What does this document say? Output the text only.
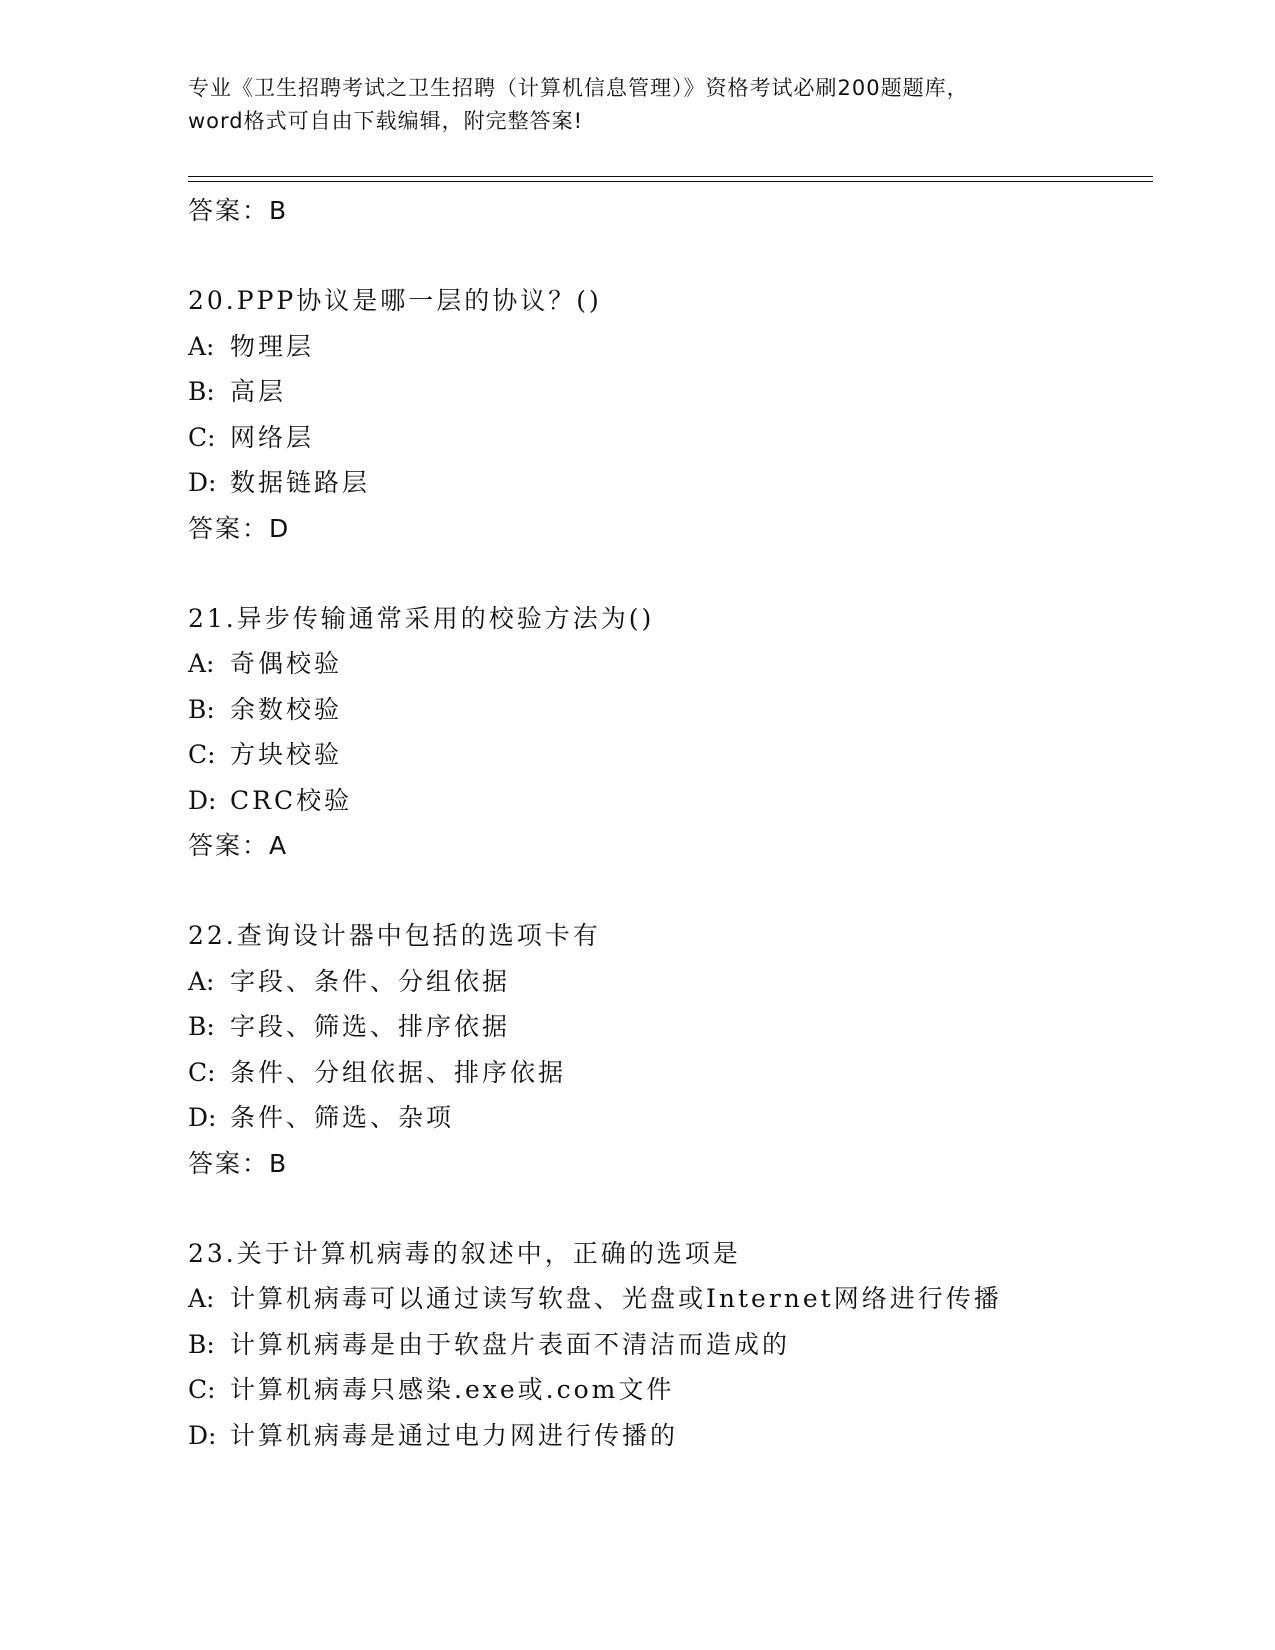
专业《卫生招聘考试之卫生招聘（计算机信息管理）》资格考试必刷200题题库，
word格式可自由下载编辑，附完整答案!
答案：B
20.PPP协议是哪一层的协议？()
A: 物理层
B: 高层
C: 网络层
D: 数据链路层
答案：D
21.异步传输通常采用的校验方法为()
A: 奇偶校验
B: 余数校验
C: 方块校验
D: CRC校验
答案：A
22.查询设计器中包括的选项卡有
A: 字段、条件、分组依据
B: 字段、筛选、排序依据
C: 条件、分组依据、排序依据
D: 条件、筛选、杂项
答案：B
23.关于计算机病毒的叙述中，正确的选项是
A: 计算机病毒可以通过读写软盘、光盘或Internet网络进行传播
B: 计算机病毒是由于软盘片表面不清洁而造成的
C: 计算机病毒只感染.exe或.com文件
D: 计算机病毒是通过电力网进行传播的
